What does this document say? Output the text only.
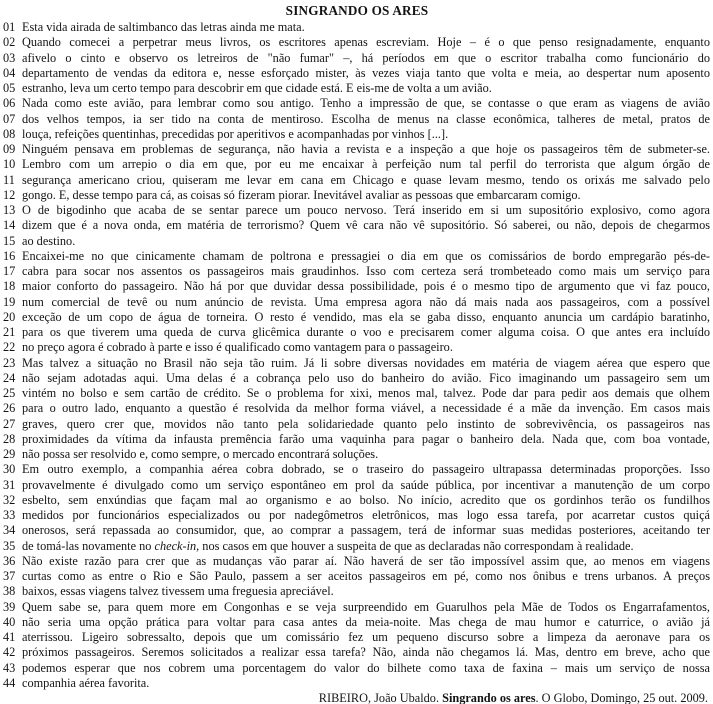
SINGRANDO OS ARES
01 Esta vida airada de saltimbanco das letras ainda me mata.
02 Quando comecei a perpetrar meus livros, os escritores apenas escreviam. Hoje – é o que penso resignadamente, enquanto
03 afivelo o cinto e observo os letreiros de "não fumar" –, há períodos em que o escritor trabalha como funcionário do
04 departamento de vendas da editora e, nesse esforçado mister, às vezes viaja tanto que volta e meia, ao despertar num aposento
05 estranho, leva um certo tempo para descobrir em que cidade está. E eis-me de volta a um avião.
06 Nada como este avião, para lembrar como sou antigo. Tenho a impressão de que, se contasse o que eram as viagens de avião
07 dos velhos tempos, ia ser tido na conta de mentiroso. Escolha de menus na classe econômica, talheres de metal, pratos de
08 louça, refeições quentinhas, precedidas por aperitivos e acompanhadas por vinhos [...].
09 Ninguém pensava em problemas de segurança, não havia a revista e a inspeção a que hoje os passageiros têm de submeter-se.
10 Lembro com um arrepio o dia em que, por eu me encaixar à perfeição num tal perfil do terrorista que algum órgão de
11 segurança americano criou, quiseram me levar em cana em Chicago e quase levam mesmo, tendo os orixás me salvado pelo
12 gongo. E, desse tempo para cá, as coisas só fizeram piorar. Inevitável avaliar as pessoas que embarcaram comigo.
13 O de bigodinho que acaba de se sentar parece um pouco nervoso. Terá inserido em si um supositório explosivo, como agora
14 dizem que é a nova onda, em matéria de terrorismo? Quem vê cara não vê supositório. Só saberei, ou não, depois de chegarmos
15 ao destino.
16 Encaixei-me no que cinicamente chamam de poltrona e pressagiei o dia em que os comissários de bordo empregarão pés-de-
17 cabra para socar nos assentos os passageiros mais graudinhos. Isso com certeza será trombeteado como mais um serviço para
18 maior conforto do passageiro. Não há por que duvidar dessa possibilidade, pois é o mesmo tipo de argumento que vi faz pouco,
19 num comercial de tevê ou num anúncio de revista. Uma empresa agora não dá mais nada aos passageiros, com a possível
20 exceção de um copo de água de torneira. O resto é vendido, mas ela se gaba disso, enquanto anuncia um cardápio baratinho,
21 para os que tiverem uma queda de curva glicêmica durante o voo e precisarem comer alguma coisa. O que antes era incluído
22 no preço agora é cobrado à parte e isso é qualificado como vantagem para o passageiro.
23 Mas talvez a situação no Brasil não seja tão ruim. Já li sobre diversas novidades em matéria de viagem aérea que espero que
24 não sejam adotadas aqui. Uma delas é a cobrança pelo uso do banheiro do avião. Fico imaginando um passageiro sem um
25 vintém no bolso e sem cartão de crédito. Se o problema for xixi, menos mal, talvez. Pode dar para pedir aos demais que olhem
26 para o outro lado, enquanto a questão é resolvida da melhor forma viável, a necessidade é a mãe da invenção. Em casos mais
27 graves, quero crer que, movidos não tanto pela solidariedade quanto pelo instinto de sobrevivência, os passageiros nas
28 proximidades da vítima da infausta premência farão uma vaquinha para pagar o banheiro dela. Nada que, com boa vontade,
29 não possa ser resolvido e, como sempre, o mercado encontrará soluções.
30 Em outro exemplo, a companhia aérea cobra dobrado, se o traseiro do passageiro ultrapassa determinadas proporções. Isso
31 provavelmente é divulgado como um serviço espontâneo em prol da saúde pública, por incentivar a manutenção de um corpo
32 esbelto, sem enxúndias que façam mal ao organismo e ao bolso. No início, acredito que os gordinhos terão os fundilhos
33 medidos por funcionários especializados ou por nadegômetros eletrônicos, mas logo essa tarefa, por acarretar custos quiçá
34 onerosos, será repassada ao consumidor, que, ao comprar a passagem, terá de informar suas medidas posteriores, aceitando ter
35 de tomá-las novamente no check-in, nos casos em que houver a suspeita de que as declaradas não correspondam à realidade.
36 Não existe razão para crer que as mudanças vão parar aí. Não haverá de ser tão impossível assim que, ao menos em viagens
37 curtas como as entre o Rio e São Paulo, passem a ser aceitos passageiros em pé, como nos ônibus e trens urbanos. A preços
38 baixos, essas viagens talvez tivessem uma freguesia apreciável.
39 Quem sabe se, para quem more em Congonhas e se veja surpreendido em Guarulhos pela Mãe de Todos os Engarrafamentos,
40 não seria uma opção prática para voltar para casa antes da meia-noite. Mas chega de mau humor e caturrice, o avião já
41 aterrissou. Ligeiro sobressalto, depois que um comissário fez um pequeno discurso sobre a limpeza da aeronave para os
42 próximos passageiros. Seremos solicitados a realizar essa tarefa? Não, ainda não chegamos lá. Mas, dentro em breve, acho que
43 podemos esperar que nos cobrem uma porcentagem do valor do bilhete como taxa de faxina – mais um serviço de nossa
44 companhia aérea favorita.
RIBEIRO, João Ubaldo. Singrando os ares. O Globo, Domingo, 25 out. 2009.
